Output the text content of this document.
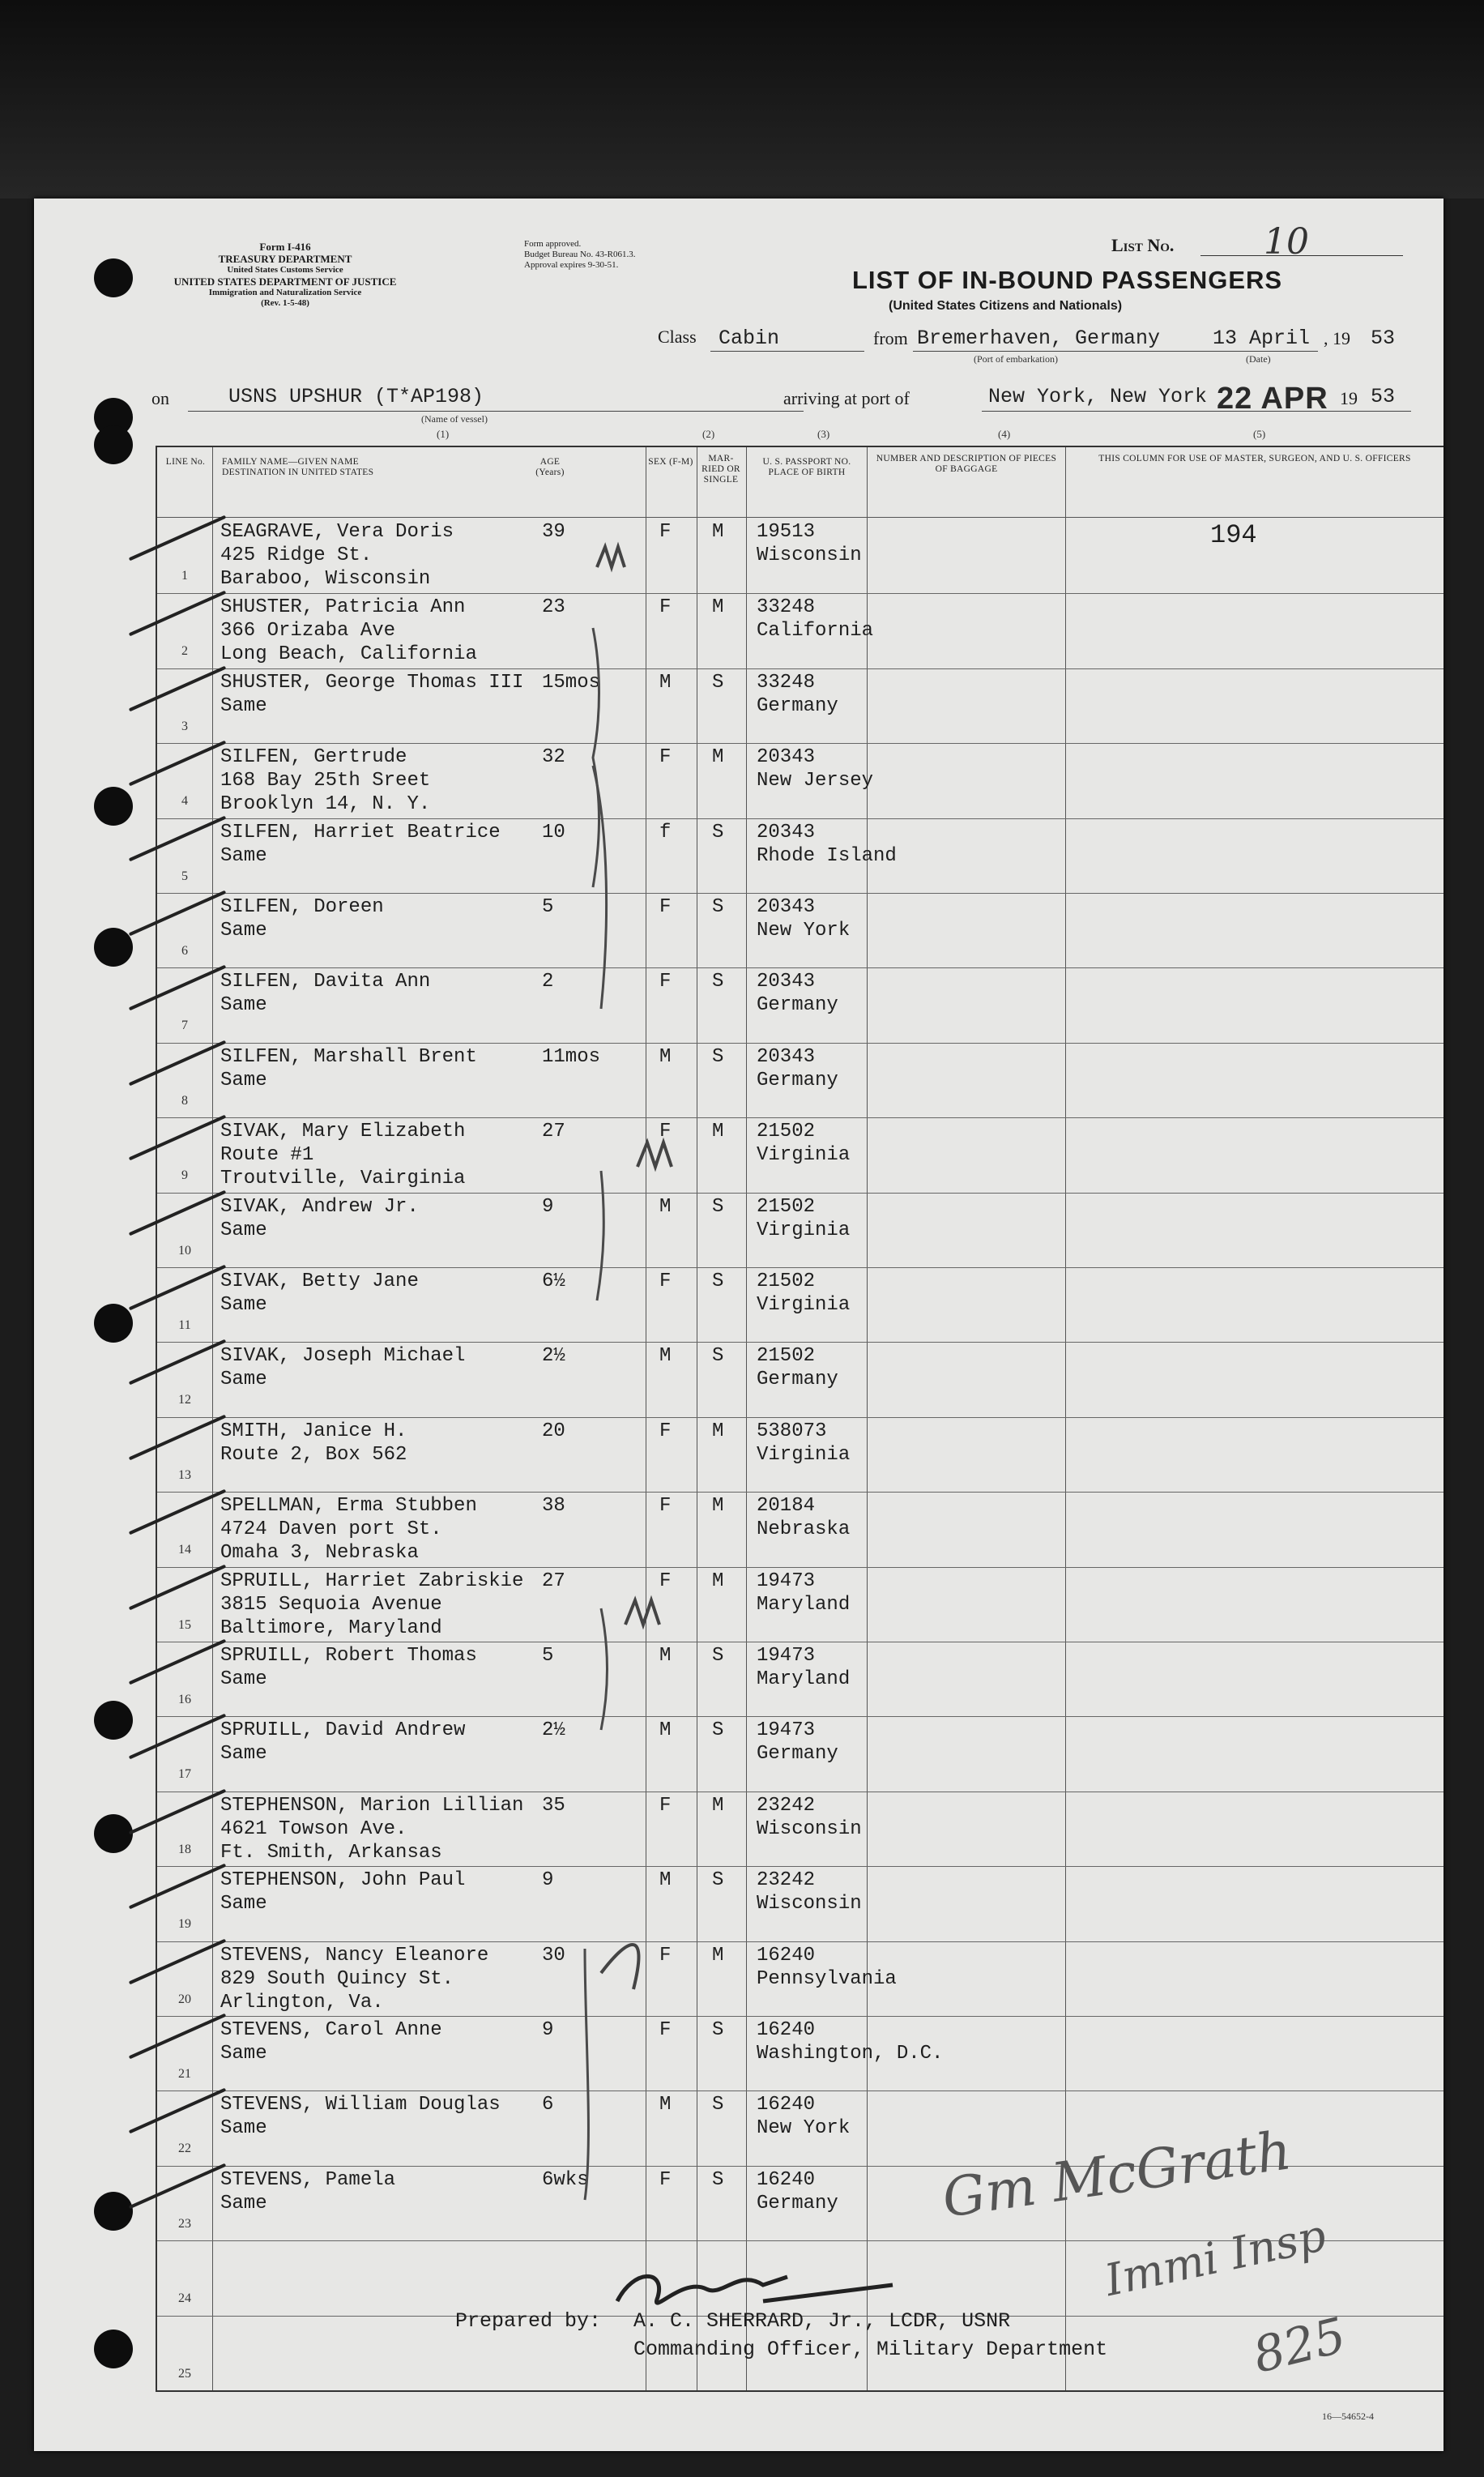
Form I-416
TREASURY DEPARTMENT
United States Customs Service
UNITED STATES DEPARTMENT OF JUSTICE
Immigration and Naturalization Service
(Rev. 1-5-48)
Form approved.
Budget Bureau No. 43-R061.3.
Approval expires 9-30-51.
LIST OF IN-BOUND PASSENGERS
(United States Citizens and Nationals)
List No.	10
Class Cabin	from Bremerhaven, Germany	13 April , 19 53
(Port of embarkation)	(Date)
on	USNS UPSHUR (T*AP198)
(Name of vessel)
arriving at port of	New York, New York 22 APR 19 53
(1)	(2)	(3)	(4)	(5)
LINE No.	FAMILY NAME—GIVEN NAME DESTINATION IN UNITED STATES
AGE (Years)
SEX (F-M)	MAR- RIED OR SINGLE
U. S. PASSPORT NO. PLACE OF BIRTH
NUMBER AND DESCRIPTION OF PIECES OF BAGGAGE
THIS COLUMN FOR USE OF MASTER, SURGEON, AND U. S. OFFICERS
1
SEAGRAVE, Vera Doris
425 Ridge St.
Baraboo, Wisconsin
39	F M 19513
Wisconsin
194
2
SHUSTER, Patricia Ann
366 Orizaba Ave
Long Beach, California
23	F M 33248
California
3
SHUSTER, George Thomas III
Same
15mos	M S 33248
Germany
4
SILFEN, Gertrude
168 Bay 25th Sreet
Brooklyn 14, N. Y.
32	F M 20343
New Jersey
5
SILFEN, Harriet Beatrice
Same
10	f S 20343
Rhode Island
6
SILFEN, Doreen
Same
5	F S 20343
New York
7
SILFEN, Davita Ann
Same
2	F S 20343
Germany
8
SILFEN, Marshall Brent
Same
11mos	M S 20343
Germany
9
SIVAK, Mary Elizabeth
Route #1
Troutville, Vairginia
27	F M 21502
Virginia
10
SIVAK, Andrew Jr.
Same
9	M S 21502
Virginia
11
SIVAK, Betty Jane
Same
6½	F S 21502
Virginia
12
SIVAK, Joseph Michael
Same
2½	M S 21502
Germany
13
SMITH, Janice H.
Route 2, Box 562
20	F M 538073
Virginia
14
SPELLMAN, Erma Stubben
4724 Daven port St.
Omaha 3, Nebraska
38	F M 20184
Nebraska
15
SPRUILL, Harriet Zabriskie
3815 Sequoia Avenue
Baltimore, Maryland
27	F M 19473
Maryland
16
SPRUILL, Robert Thomas
Same
5	M S 19473
Maryland
17
SPRUILL, David Andrew
Same
2½	M S 19473
Germany
18
STEPHENSON, Marion Lillian
4621 Towson Ave.
Ft. Smith, Arkansas
35	F M 23242
Wisconsin
19
STEPHENSON, John Paul
Same
9	M S 23242
Wisconsin
20
STEVENS, Nancy Eleanore
829 South Quincy St.
Arlington, Va.
30	F M 16240
Pennsylvania
21
STEVENS, Carol Anne
Same
9	F S 16240
Washington, D.C.
22
STEVENS, William Douglas
Same
6	M S 16240
New York
23
STEVENS, Pamela
Same
6wks	F S 16240
Germany
24
25
Prepared by: A. C. SHERRARD, Jr., LCDR, USNR
Commanding Officer, Military Department
Gm McGrath
Immi Insp
825
16—54652-4
